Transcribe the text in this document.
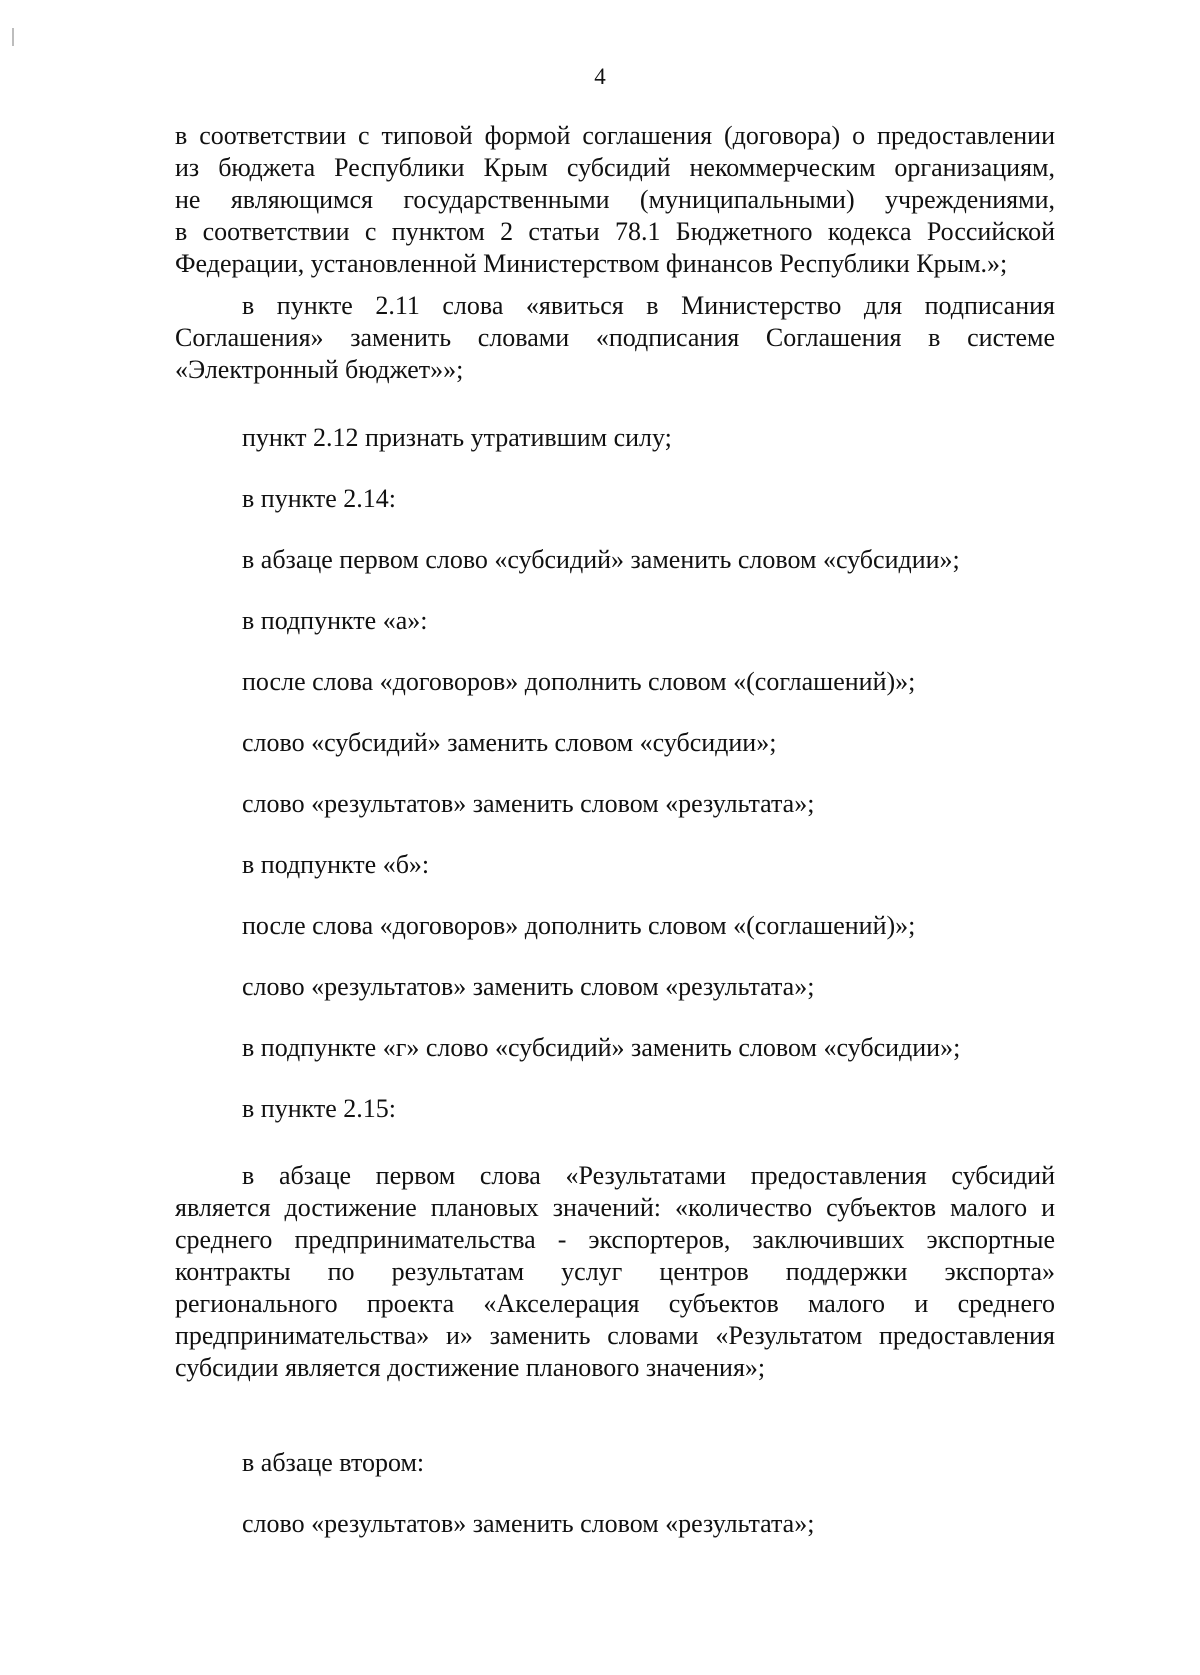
4
в соответствии с типовой формой соглашения (договора) о предоставлении
из бюджета Республики Крым субсидий некоммерческим организациям,
не являющимся государственными (муниципальными) учреждениями,
в соответствии с пунктом 2 статьи 78.1 Бюджетного кодекса Российской
Федерации, установленной Министерством финансов Республики Крым.»;
в пункте 2.11 слова «явиться в Министерство для подписания
Соглашения» заменить словами «подписания Соглашения в системе
«Электронный бюджет»»;
пункт 2.12 признать утратившим силу;
в пункте 2.14:
в абзаце первом слово «субсидий» заменить словом «субсидии»;
в подпункте «а»:
после слова «договоров» дополнить словом «(соглашений)»;
слово «субсидий» заменить словом «субсидии»;
слово «результатов» заменить словом «результата»;
в подпункте «б»:
после слова «договоров» дополнить словом «(соглашений)»;
слово «результатов» заменить словом «результата»;
в подпункте «г» слово «субсидий» заменить словом «субсидии»;
в пункте 2.15:
в абзаце первом слова «Результатами предоставления субсидий
является достижение плановых значений: «количество субъектов малого и
среднего предпринимательства - экспортеров, заключивших экспортные
контракты по результатам услуг центров поддержки экспорта»
регионального проекта «Акселерация субъектов малого и среднего
предпринимательства» и» заменить словами «Результатом предоставления
субсидии является достижение планового значения»;
в абзаце втором:
слово «результатов» заменить словом «результата»;
